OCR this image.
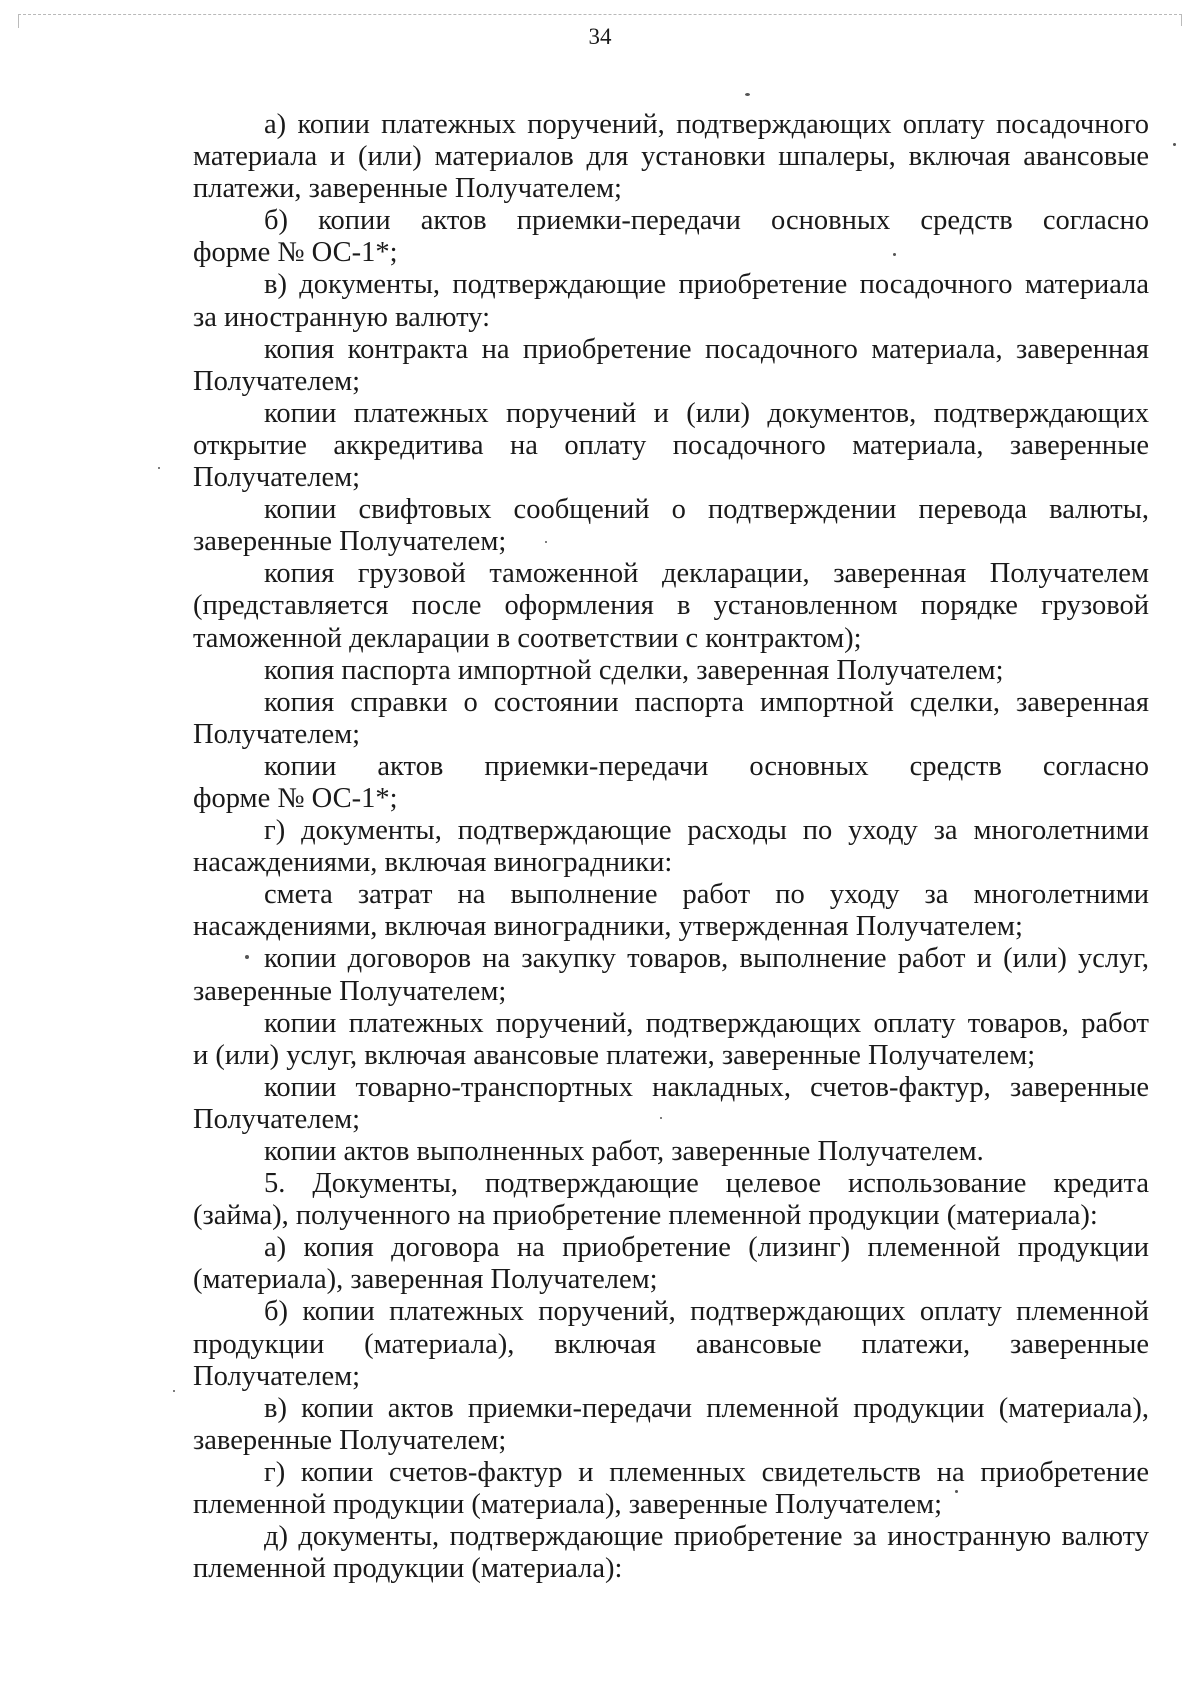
34
а) копии платежных поручений, подтверждающих оплату посадочного
материала и (или) материалов для установки шпалеры, включая авансовые
платежи, заверенные Получателем;
б) копии актов приемки-передачи основных средств согласно
форме № ОС-1*;
в) документы, подтверждающие приобретение посадочного материала
за иностранную валюту:
копия контракта на приобретение посадочного материала, заверенная
Получателем;
копии платежных поручений и (или) документов, подтверждающих
открытие аккредитива на оплату посадочного материала, заверенные
Получателем;
копии свифтовых сообщений о подтверждении перевода валюты,
заверенные Получателем;
копия грузовой таможенной декларации, заверенная Получателем
(представляется после оформления в установленном порядке грузовой
таможенной декларации в соответствии с контрактом);
копия паспорта импортной сделки, заверенная Получателем;
копия справки о состоянии паспорта импортной сделки, заверенная
Получателем;
копии актов приемки-передачи основных средств согласно
форме № ОС-1*;
г) документы, подтверждающие расходы по уходу за многолетними
насаждениями, включая виноградники:
смета затрат на выполнение работ по уходу за многолетними
насаждениями, включая виноградники, утвержденная Получателем;
копии договоров на закупку товаров, выполнение работ и (или) услуг,
заверенные Получателем;
копии платежных поручений, подтверждающих оплату товаров, работ
и (или) услуг, включая авансовые платежи, заверенные Получателем;
копии товарно-транспортных накладных, счетов-фактур, заверенные
Получателем;
копии актов выполненных работ, заверенные Получателем.
5. Документы, подтверждающие целевое использование кредита
(займа), полученного на приобретение племенной продукции (материала):
а) копия договора на приобретение (лизинг) племенной продукции
(материала), заверенная Получателем;
б) копии платежных поручений, подтверждающих оплату племенной
продукции (материала), включая авансовые платежи, заверенные
Получателем;
в) копии актов приемки-передачи племенной продукции (материала),
заверенные Получателем;
г) копии счетов-фактур и племенных свидетельств на приобретение
племенной продукции (материала), заверенные Получателем;
д) документы, подтверждающие приобретение за иностранную валюту
племенной продукции (материала):
